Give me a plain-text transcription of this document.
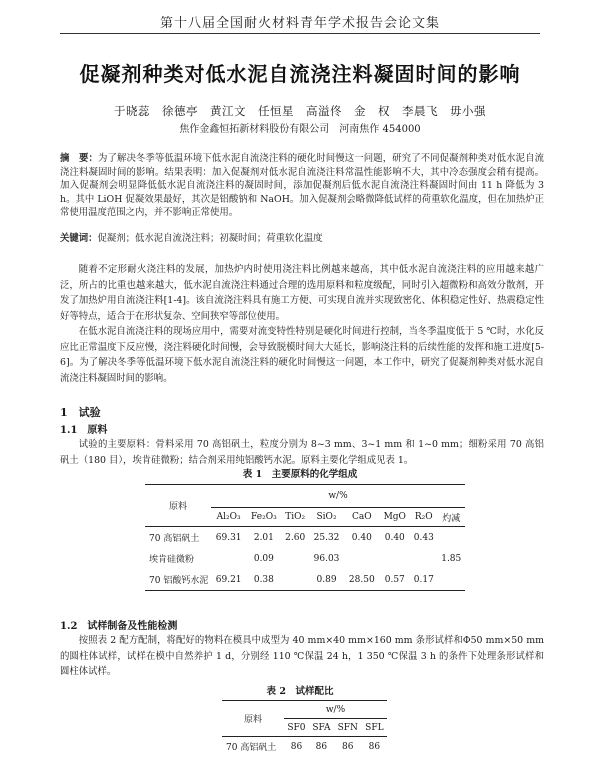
第十八届全国耐火材料青年学术报告会论文集
促凝剂种类对低水泥自流浇注料凝固时间的影响
于晓蕊　徐德亭　黄江文　任恒星　高溢佟　金　权　李晨飞　毋小强
焦作金鑫恒拓新材料股份有限公司　河南焦作 454000
摘　要：为了解决冬季等低温环境下低水泥自流浇注料的硬化时间慢这一问题，研究了不同促凝剂种类对低水泥自流浇注料凝固时间的影响。结果表明：加入促凝剂对低水泥自流浇注料常温性能影响不大，其中冷态强度会稍有提高。加入促凝剂会明显降低低水泥自流浇注料的凝固时间，添加促凝剂后低水泥自流浇注料凝固时间由 11 h 降低为 3 h。其中 LiOH 促凝效果最好，其次是铝酸钠和 NaOH。加入促凝剂会略微降低试样的荷重软化温度，但在加热炉正常使用温度范围之内，并不影响正常使用。
关键词：促凝剂；低水泥自流浇注料；初凝时间；荷重软化温度
随着不定形耐火浇注料的发展，加热炉内时使用浇注料比例越来越高，其中低水泥自流浇注料的应用越来越广泛，所占的比重也越来越大，低水泥自流浇注料通过合理的选用原料和粒度级配，同时引入超微粉和高效分散剂，开发了加热炉用自流浇注料[1-4]。该自流浇注料具有施工方便、可实现自流并实现致密化、体积稳定性好、热震稳定性好等特点，适合于在形状复杂、空间狭窄等部位使用。
在低水泥自流浇注料的现场应用中，需要对流变特性特别是硬化时间进行控制，当冬季温度低于 5 ℃时，水化反应比正常温度下反应慢，浇注料硬化时间慢，会导致脱模时间大大延长，影响浇注料的后续性能的发挥和施工进度[5-6]。为了解决冬季等低温环境下低水泥自流浇注料的硬化时间慢这一问题，本工作中，研究了促凝剂种类对低水泥自流浇注料凝固时间的影响。
1　试验
1.1　原料
试验的主要原料：骨料采用 70 高铝矾土，粒度分别为 8~3 mm、3~1 mm 和 1~0 mm；细粉采用 70 高铝矾土（180 目），埃肯硅微粉；结合剂采用纯铝酸钙水泥。原料主要化学组成见表 1。
表 1　主要原料的化学组成
原料	w/%							
	Al₂O₃	Fe₂O₃	TiO₂	SiO₂	CaO	MgO	R₂O	灼减
70 高铝矾土	69.31	2.01	2.60	25.32	0.40	0.40	0.43	
埃肯硅微粉		0.09		96.03				1.85
70 铝酸钙水泥	69.21	0.38		0.89	28.50	0.57	0.17	
1.2　试样制备及性能检测
按照表 2 配方配制，将配好的物料在模具中成型为 40 mm×40 mm×160 mm 条形试样和Φ50 mm×50 mm 的圆柱体试样，试样在模中自然养护 1 d，分别经 110 ℃保温 24 h，1 350 ℃保温 3 h 的条件下处理条形试样和圆柱体试样。
表 2　试样配比
原料	w/%			
	SF0	SFA	SFN	SFL
70 高铝矾土	86	86	86	86
